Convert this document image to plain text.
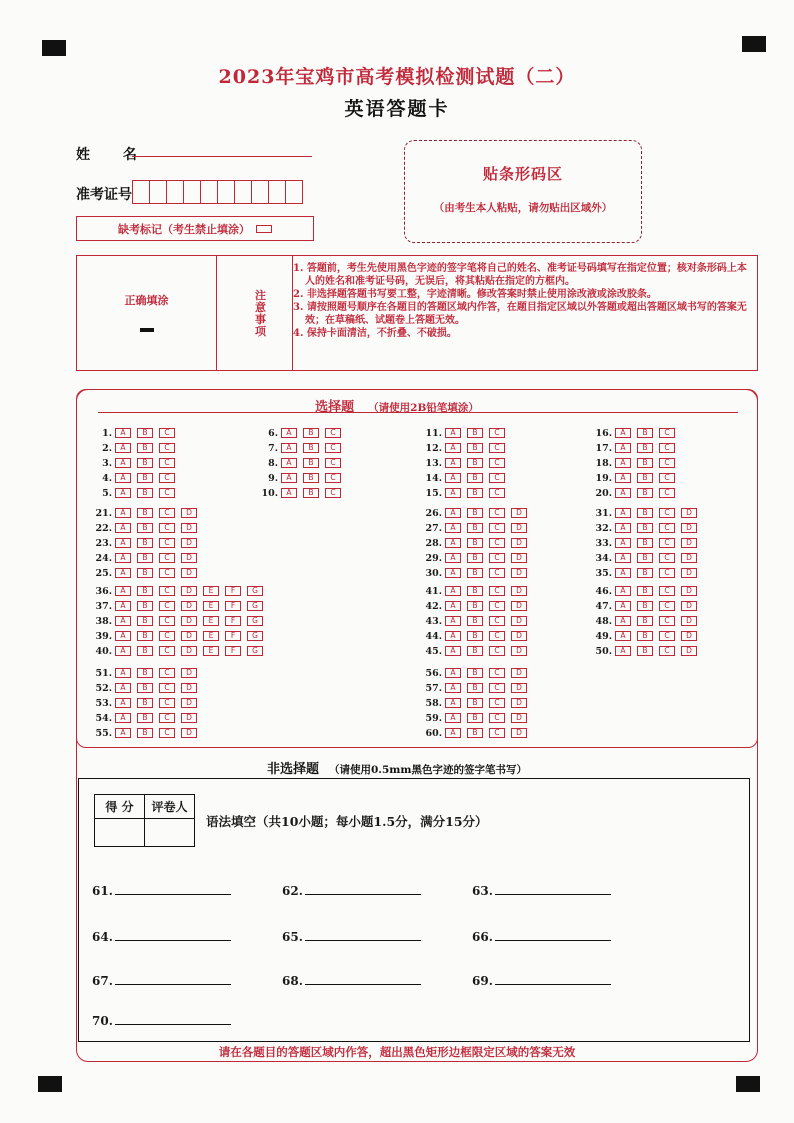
2023年宝鸡市高考模拟检测试题（二）
英语答题卡
姓 名
准考证号
缺考标记（考生禁止填涂）
贴条形码区
（由考生本人粘贴，请勿贴出区域外）
正确填涂	注
意
事
项
1. 答题前，考生先使用黑色字迹的签字笔将自己的姓名、准考证号码填写在指定位置；核对条形码上本人的姓名和准考证号码，无误后，将其粘贴在指定的方框内。
2. 非选择题答题书写要工整，字迹清晰。修改答案时禁止使用涂改液或涂改胶条。
3. 请按照题号顺序在各题目的答题区域内作答，在题目指定区域以外答题或超出答题区域书写的答案无效；在草稿纸、试题卷上答题无效。
4. 保持卡面清洁，不折叠、不破损。
选择题 （请使用2B铅笔填涂）
1.	A	B	C
2.	A	B	C
3.	A	B	C
4.	A	B	C
5.	A	B	C
6.	A	B	C
7.	A	B	C
8.	A	B	C
9.	A	B	C
10.	A	B	C
11.	A	B	C
12.	A	B	C
13.	A	B	C
14.	A	B	C
15.	A	B	C
16.	A	B	C
17.	A	B	C
18.	A	B	C
19.	A	B	C
20.	A	B	C
21.	A	B	C	D
22.	A	B	C	D
23.	A	B	C	D
24.	A	B	C	D
25.	A	B	C	D
26.	A	B	C	D
27.	A	B	C	D
28.	A	B	C	D
29.	A	B	C	D
30.	A	B	C	D
31.	A	B	C	D
32.	A	B	C	D
33.	A	B	C	D
34.	A	B	C	D
35.	A	B	C	D
36.	A	B	C	D	E	F	G
37.	A	B	C	D	E	F	G
38.	A	B	C	D	E	F	G
39.	A	B	C	D	E	F	G
40.	A	B	C	D	E	F	G
41.	A	B	C	D
42.	A	B	C	D
43.	A	B	C	D
44.	A	B	C	D
45.	A	B	C	D
46.	A	B	C	D
47.	A	B	C	D
48.	A	B	C	D
49.	A	B	C	D
50.	A	B	C	D
51.	A	B	C	D
52.	A	B	C	D
53.	A	B	C	D
54.	A	B	C	D
55.	A	B	C	D
56.	A	B	C	D
57.	A	B	C	D
58.	A	B	C	D
59.	A	B	C	D
60.	A	B	C	D
非选择题 （请使用0.5mm黑色字迹的签字笔书写）
得 分	评卷人

语法填空（共10小题；每小题1.5分，满分15分）
61.	62.	63.
64.	65.	66.
67.	68.	69.
70.
请在各题目的答题区域内作答，超出黑色矩形边框限定区域的答案无效
